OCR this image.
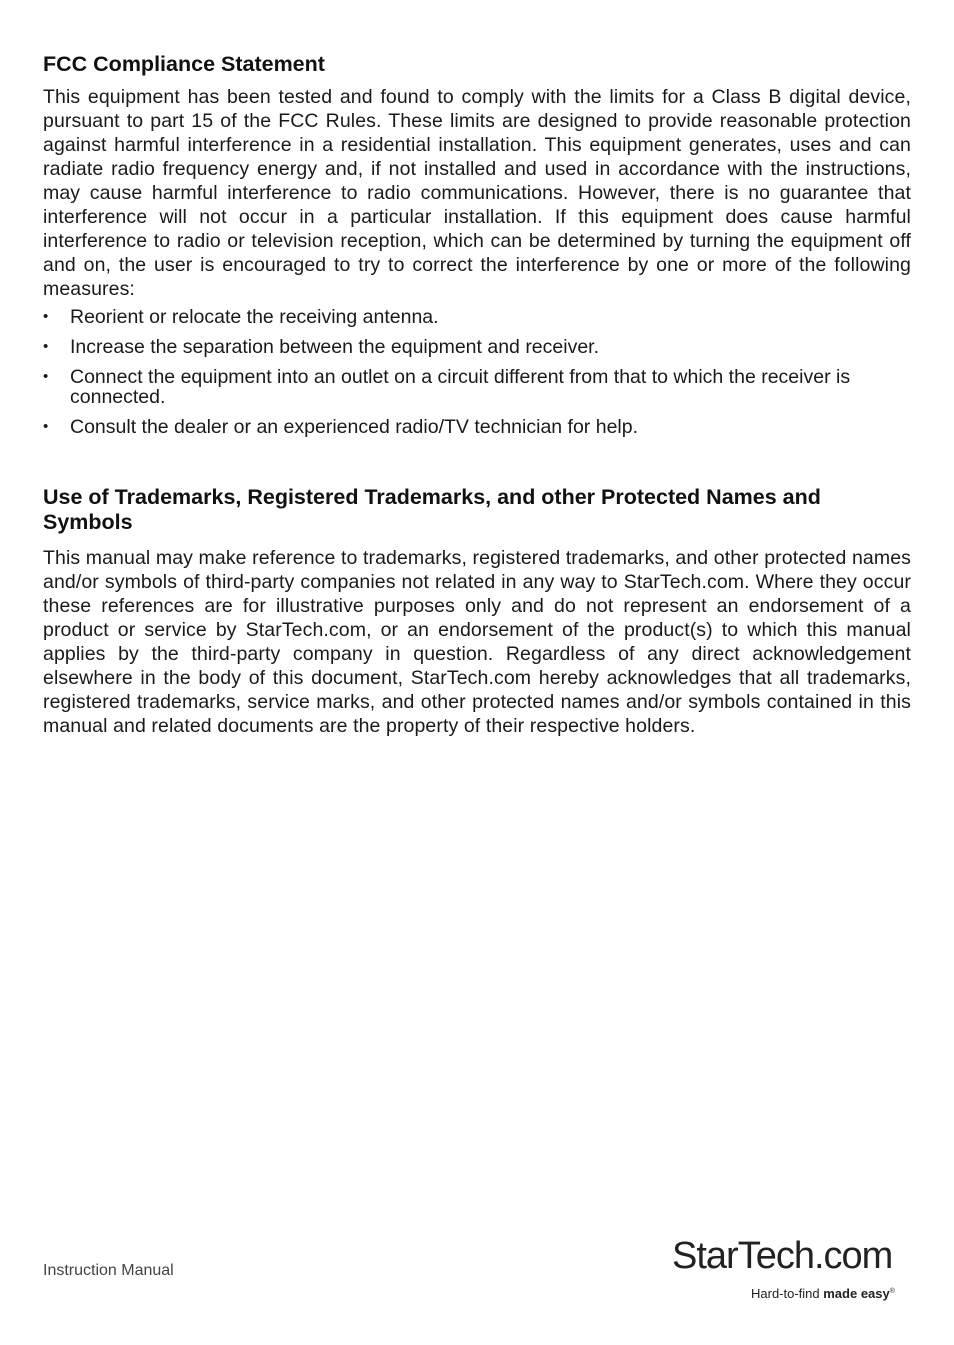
FCC Compliance Statement

This equipment has been tested and found to comply with the limits for a Class B digital device, pursuant to part 15 of the FCC Rules. These limits are designed to provide reasonable protection against harmful interference in a residential installation. This equipment generates, uses and can radiate radio frequency energy and, if not installed and used in accordance with the instructions, may cause harmful interference to radio communications. However, there is no guarantee that interference will not occur in a particular installation. If this equipment does cause harmful interference to radio or television reception, which can be determined by turning the equipment off and on, the user is encouraged to try to correct the interference by one or more of the following measures:

• Reorient or relocate the receiving antenna.
• Increase the separation between the equipment and receiver.
• Connect the equipment into an outlet on a circuit different from that to which the receiver is connected.
• Consult the dealer or an experienced radio/TV technician for help.
Use of Trademarks, Registered Trademarks, and other Protected Names and Symbols

This manual may make reference to trademarks, registered trademarks, and other protected names and/or symbols of third-party companies not related in any way to StarTech.com. Where they occur these references are for illustrative purposes only and do not represent an endorsement of a product or service by StarTech.com, or an endorsement of the product(s) to which this manual applies by the third-party company in question. Regardless of any direct acknowledgement elsewhere in the body of this document, StarTech.com hereby acknowledges that all trademarks, registered trademarks, service marks, and other protected names and/or symbols contained in this manual and related documents are the property of their respective holders.

Instruction Manual	StarTech.com
Hard-to-find made easy®
